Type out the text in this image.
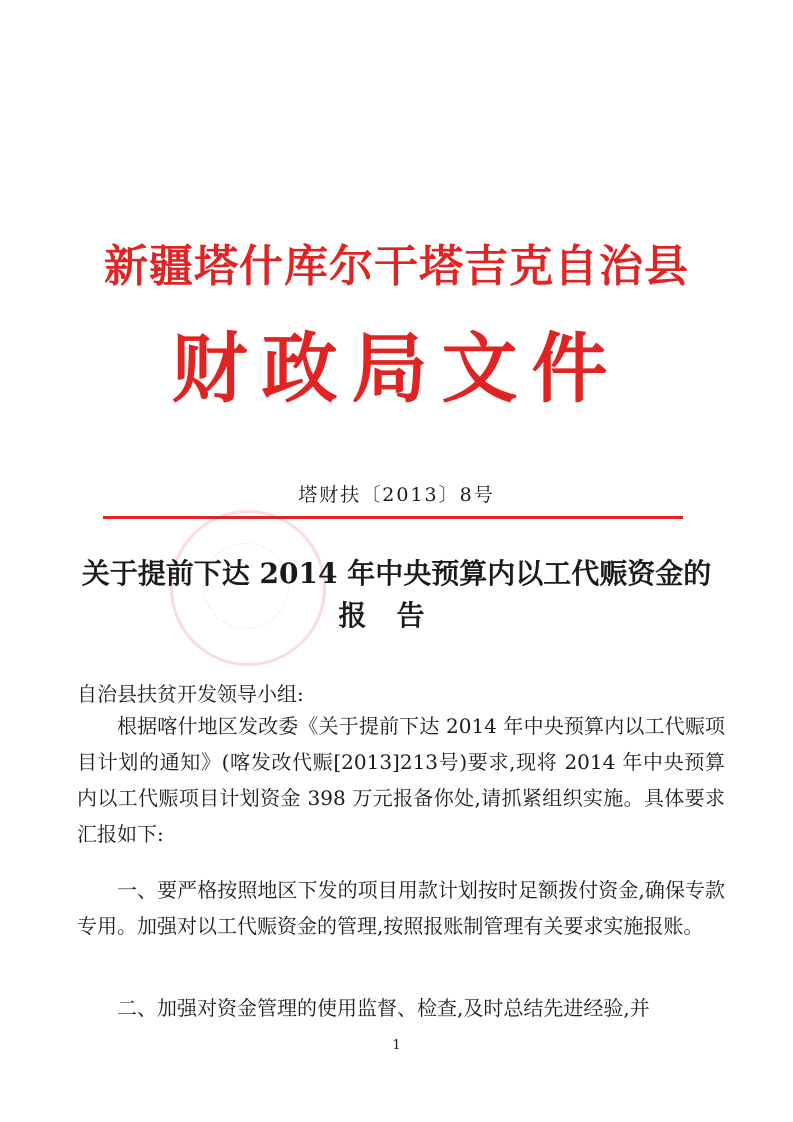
新疆塔什库尔干塔吉克自治县
财政局文件
塔财扶〔2013〕8号
关于提前下达 2014 年中央预算内以工代赈资金的
报告
自治县扶贫开发领导小组:
根据喀什地区发改委《关于提前下达 2014 年中央预算内以工代赈项目计划的通知》(喀发改代赈[2013]213号)要求,现将 2014 年中央预算内以工代赈项目计划资金 398 万元报备你处,请抓紧组织实施。具体要求汇报如下:
一、要严格按照地区下发的项目用款计划按时足额拨付资金,确保专款专用。加强对以工代赈资金的管理,按照报账制管理有关要求实施报账。
二、加强对资金管理的使用监督、检查,及时总结先进经验,并
1
